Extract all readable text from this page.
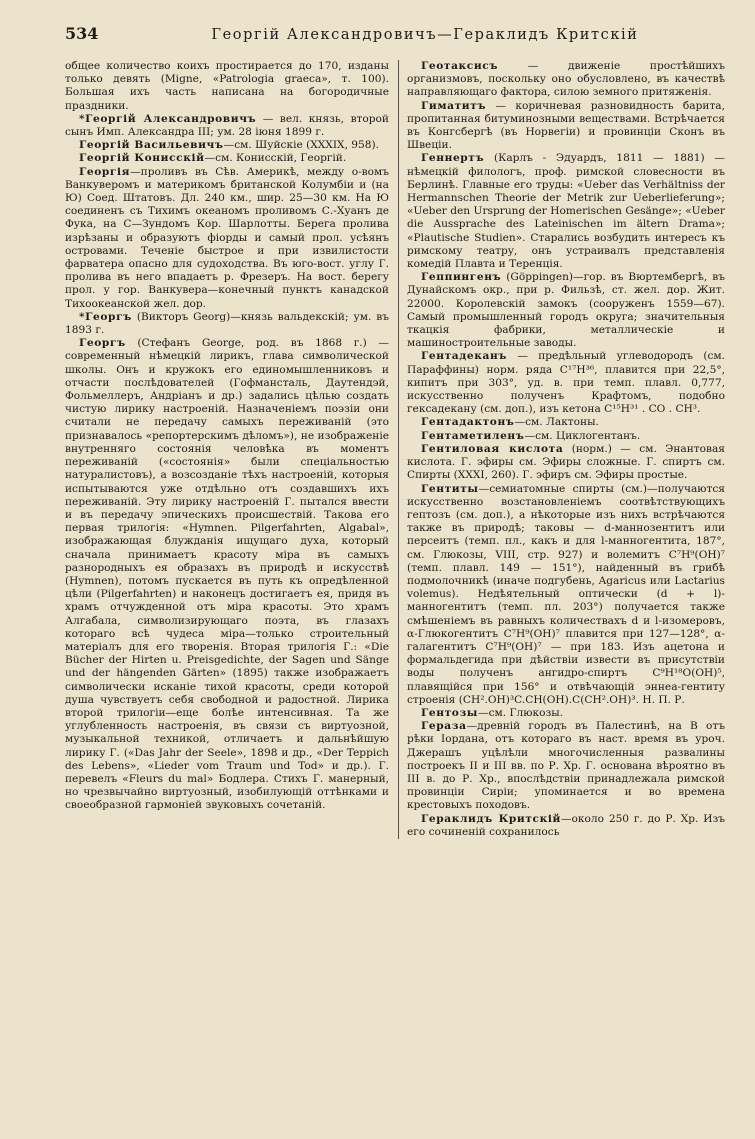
534	Георгій Александровичъ—Гераклидъ Критскій

общее количество коихъ простирается до 170, изданы только девять (Migne, «Patrologia graeca», т. 100). Большая ихъ часть написана на богородичные праздники.

*Георгій Александровичъ — вел. князь, второй сынъ Имп. Александра III; ум. 28 іюня 1899 г.

Георгій Васильевичъ—см. Шуйскіе (XXXIX, 958).

Георгій Конисскій—см. Конисскій, Георгій.

Георгія—проливъ въ Сѣв. Америкѣ, между о-вомъ Ванкуверомъ и материкомъ британской Колумбіи и (на Ю) Соед. Штатовъ. Дл. 240 км., шир. 25—30 км. На Ю соединенъ съ Тихимъ океаномъ проливомъ С.-Хуанъ де Фука, на С—Зундомъ Кор. Шарлотты. Берега пролива изрѣзаны и образуютъ фіорды и самый прол. усѣянъ островами. Теченіе быстрое и при извилистости фарватера опасно для судоходства. Въ юго-вост. углу Г. пролива въ него впадаетъ р. Фрезеръ. На вост. берегу прол. у гор. Ванкувера—конечный пунктъ канадской Тихоокеанской жел. дор.

*Георгъ (Викторъ Georg)—князь вальдекскій; ум. въ 1893 г.

Георгъ (Стефанъ George, род. въ 1868 г.) — современный нѣмецкій лирикъ, глава символической школы. Онъ и кружокъ его единомышленниковъ и отчасти послѣдователей (Гофмансталь, Даутендэй, Фольмеллеръ, Андріанъ и др.) задались цѣлью создать чистую лирику настроеній. Назначеніемъ поэзіи они считали не передачу самыхъ переживаній (это признавалось «репортерскимъ дѣломъ»), не изображеніе внутренняго состоянія человѣка въ моментъ переживаній («состоянія» были спеціальностью натуралистовъ), а возсозданіе тѣхъ настроеній, которыя испытываются уже отдѣльно отъ создавшихъ ихъ переживаній. Эту лирику настроеній Г. пытался ввести и въ передачу эпическихъ происшествій. Такова его первая трилогія: «Hymnen. Pilgerfahrten, Algabal», изображающая блужданія ищущаго духа, который сначала принимаетъ красоту міра въ самыхъ разнородныхъ ея образахъ въ природѣ и искусствѣ (Hymnen), потомъ пускается въ путь къ опредѣленной цѣли (Pilgerfahrten) и наконецъ достигаетъ ея, придя въ храмъ отчужденной отъ міра красоты. Это храмъ Алгабала, символизирующаго поэта, въ глазахъ котораго всѣ чудеса міра—только строительный матеріалъ для его творенія. Вторая трилогія Г.: «Die Bücher der Hirten u. Preisgedichte, der Sagen und Sänge und der hängenden Gärten» (1895) также изображаетъ символически исканіе тихой красоты, среди которой душа чувствуетъ себя свободной и радостной. Лирика второй трилогіи—еще болѣе интенсивная. Та же углубленность настроенія, въ связи съ виртуозной, музыкальной техникой, отличаетъ и дальнѣйшую лирику Г. («Das Jahr der Seele», 1898 и др., «Der Teppich des Lebens», «Lieder vom Traum und Tod» и др.). Г. перевелъ «Fleurs du mal» Бодлера. Стихъ Г. манерный, но чрезвычайно виртуозный, изобилующій оттѣнками и своеобразной гармоніей звуковыхъ сочетаній.

Геотаксисъ — движеніе простѣйшихъ организмовъ, поскольку оно обусловлено, въ качествѣ направляющаго фактора, силою земного притяженія.

Гиматитъ — коричневая разновидность барита, пропитанная битуминозными веществами. Встрѣчается въ Конгсбергѣ (въ Норвегіи) и провинціи Сконъ въ Швеціи.

Геннертъ (Карлъ - Эдуардъ, 1811 — 1881) — нѣмецкій филологъ, проф. римской словесности въ Берлинѣ. Главные его труды: «Ueber das Verhältniss der Hermannschen Theorie der Metrik zur Ueberlieferung»; «Ueber den Ursprung der Homerischen Gesänge»; «Ueber die Aussprache des Lateinischen im ältern Drama»; «Plautische Studien». Старались возбудить интересъ къ римскому театру, онъ устраивалъ представленія комедій Плавта и Теренція.

Геппингенъ (Göppingen)—гор. въ Вюртембергѣ, въ Дунайскомъ окр., при р. Фильзѣ, ст. жел. дор. Жит. 22000. Королевскій замокъ (сооруженъ 1559—67). Самый промышленный городъ округа; значительныя ткацкія фабрики, металлическіе и машиностроительные заводы.

Гентадеканъ — предѣльный углеводородъ (см. Параффины) норм. ряда C¹⁷H³⁶, плавится при 22,5°, кипитъ при 303°, уд. в. при темп. плавл. 0,777, искусственно полученъ Крафтомъ, подобно гексадекану (см. доп.), изъ кетона C¹⁵H³¹ . CO . CH³.

Гентадактонъ—см. Лактоны.

Гентаметиленъ—см. Циклогентанъ.

Гентиловая кислота (норм.) — см. Энантовая кислота. Г. эфиры см. Эфиры сложные. Г. спиртъ см. Спирты (XXXI, 260). Г. эфиръ см. Эфиры простые.

Гентиты—семиатомные спирты (см.)—получаются искусственно возстановленіемъ соотвѣтствующихъ гептозъ (см. доп.), а нѣкоторые изъ нихъ встрѣчаются также въ природѣ; таковы — d-маннозентитъ или персеитъ (темп. пл., какъ и для l-манногентита, 187°, см. Глюкозы, VIII, стр. 927) и волемитъ C⁷H⁹(OH)⁷ (темп. плавл. 149 — 151°), найденный въ грибѣ подмолочникѣ (иначе подгубень, Agaricus или Lactarius volemus). Недѣятельный оптически (d + l)-манногентитъ (темп. пл. 203°) получается также смѣшеніемъ въ равныхъ количествахъ d и l-изомеровъ, α-Глюкогентитъ C⁷H⁹(OH)⁷ плавится при 127—128°, α-галагентитъ C⁷H⁹(OH)⁷ — при 183. Изъ ацетона и формальдегида при дѣйствіи извести въ присутствіи воды полученъ ангидро-спиртъ C⁹H¹⁸O(OH)⁵, плавящійся при 156° и отвѣчающій эннеа-гентиту строенія (CH².OH)³C.CH(OH).C(CH².OH)³. Н. П. Р.

Гентозы—см. Глюкозы.

Гераза—древній городъ въ Палестинѣ, на В отъ рѣки Іордана, отъ котораго въ наст. время въ уроч. Джерашъ уцѣлѣли многочисленныя развалины построекъ II и III вв. по Р. Хр. Г. основана вѣроятно въ III в. до Р. Хр., впослѣдствіи принадлежала римской провинціи Сиріи; упоминается и во времена крестовыхъ походовъ.

Гераклидъ Критскій—около 250 г. до Р. Хр. Изъ его сочиненій сохранилось
